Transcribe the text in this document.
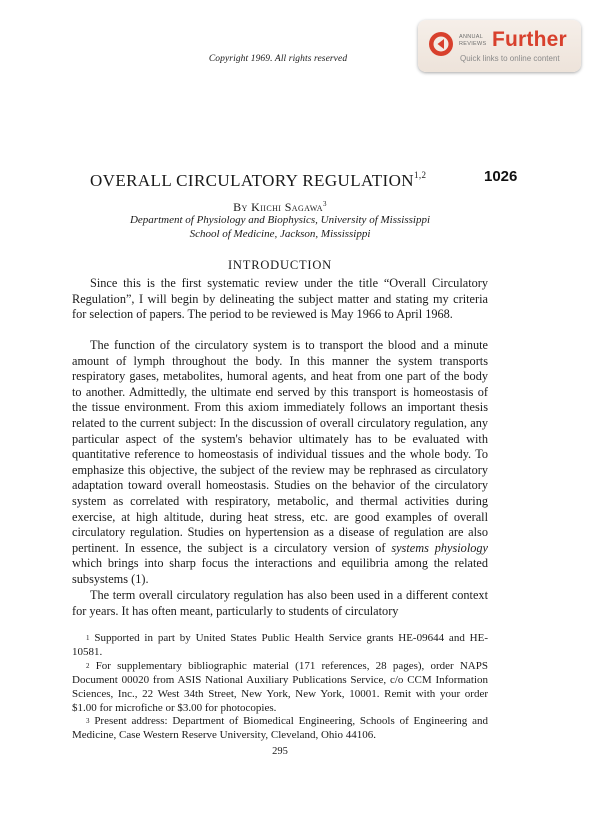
Copyright 1969. All rights reserved
ANNUAL
REVIEWS Further
Quick links to online content
1026
OVERALL CIRCULATORY REGULATION$^{1,2}$
By Kiichi Sagawa$^3$
Department of Physiology and Biophysics, University of Mississippi
School of Medicine, Jackson, Mississippi
INTRODUCTION

Since this is the first systematic review under the title “Overall Circulatory Regulation”, I will begin by delineating the subject matter and stating my criteria for selection of papers. The period to be reviewed is May 1966 to April 1968.

The function of the circulatory system is to transport the blood and a minute amount of lymph throughout the body. In this manner the system transports respiratory gases, metabolites, humoral agents, and heat from one part of the body to another. Admittedly, the ultimate end served by this transport is homeostasis of the tissue environment. From this axiom immediately follows an important thesis related to the current subject: In the discussion of overall circulatory regulation, any particular aspect of the system's behavior ultimately has to be evaluated with quantitative reference to homeostasis of individual tissues and the whole body. To emphasize this objective, the subject of the review may be rephrased as circulatory adaptation toward overall homeostasis. Studies on the behavior of the circulatory system as correlated with respiratory, metabolic, and thermal activities during exercise, at high altitude, during heat stress, etc. are good examples of overall circulatory regulation. Studies on hypertension as a disease of regulation are also pertinent. In essence, the subject is a circulatory version of systems physiology which brings into sharp focus the interactions and equilibria among the related subsystems (1).

The term overall circulatory regulation has also been used in a different context for years. It has often meant, particularly to students of circulatory

$^1$ Supported in part by United States Public Health Service grants HE-09644 and HE-10581.

$^2$ For supplementary bibliographic material (171 references, 28 pages), order NAPS Document 00020 from ASIS National Auxiliary Publications Service, c/o CCM Information Sciences, Inc., 22 West 34th Street, New York, New York, 10001. Remit with your order $1.00 for microfiche or $3.00 for photocopies.

$^3$ Present address: Department of Biomedical Engineering, Schools of Engineering and Medicine, Case Western Reserve University, Cleveland, Ohio 44106.

295
